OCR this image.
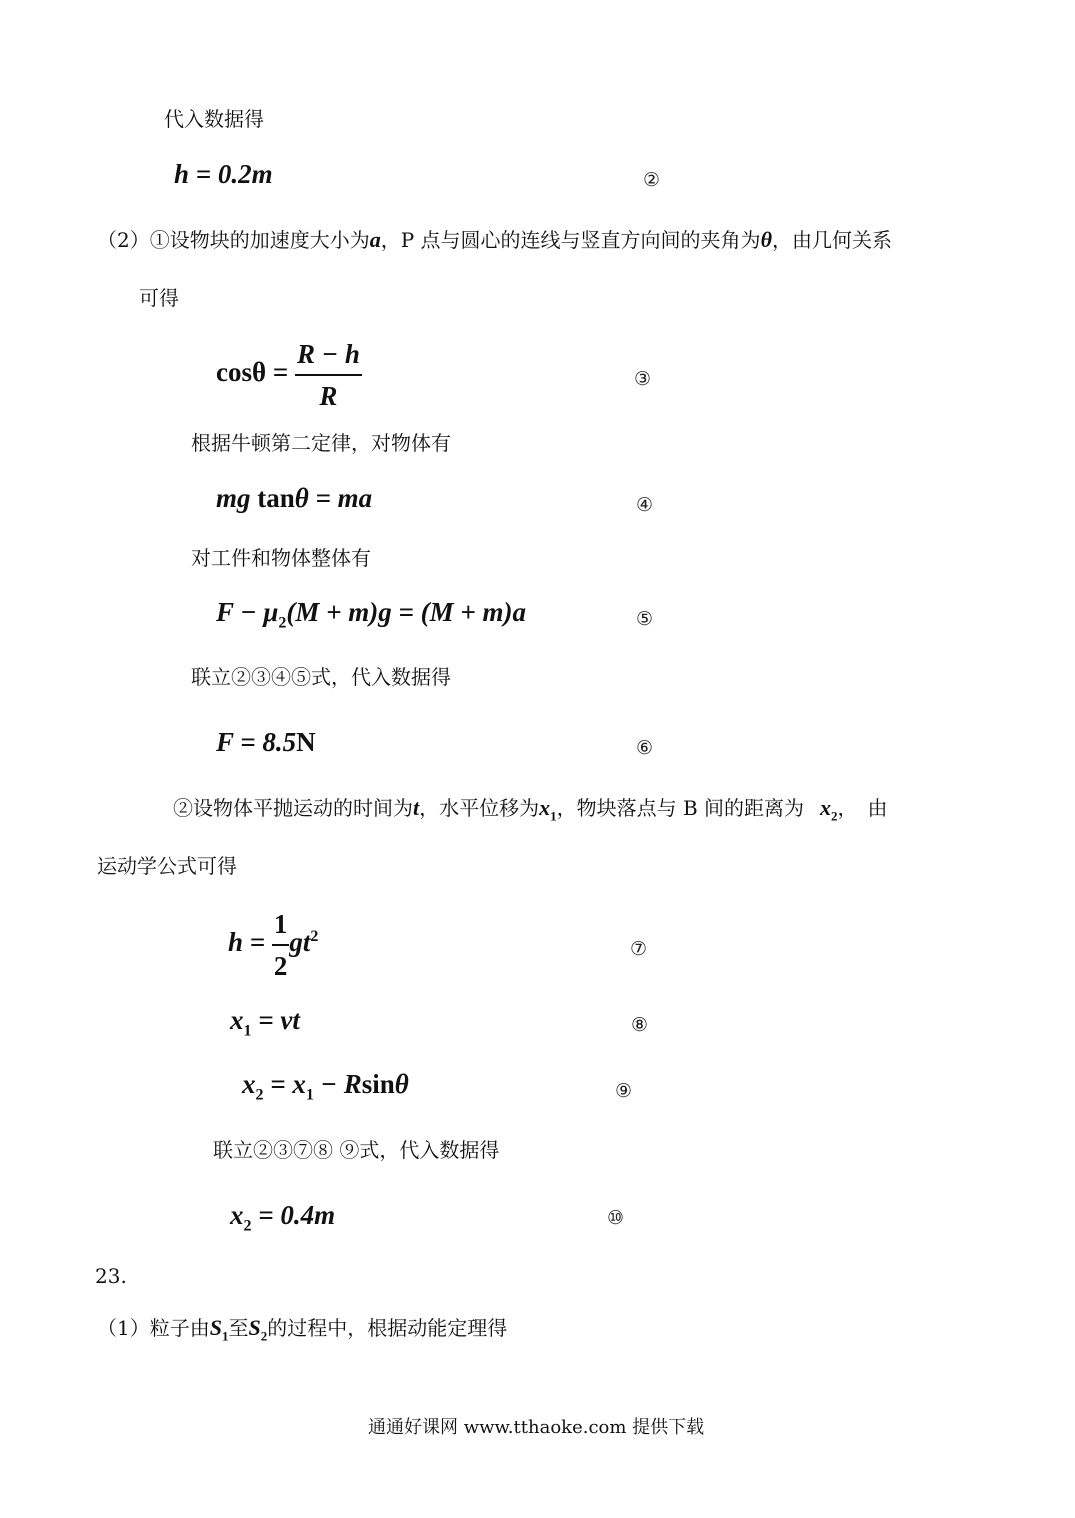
代入数据得
h = 0.2m	②
（2）①设物块的加速度大小为a，P 点与圆心的连线与竖直方向间的夹角为θ，由几何关系
可得
$\cos\theta = \frac{R - h}{R}$	③
根据牛顿第二定律，对物体有
mg tanθ = ma	④
对工件和物体整体有
$F - \mu_2(M + m)g = (M + m)a$	⑤
联立②③④⑤式，代入数据得
F = 8.5N	⑥
②设物体平抛运动的时间为t，水平位移为$x_1$，物块落点与 B 间的距离为 $x_2$，　由
运动学公式可得
$h = \frac{1}{2} gt^2$
⑦
$x_1$ = vt	⑧
$x_2 = x_1 - Rsin\theta$	⑨
联立②③⑦⑧ ⑨式，代入数据得
$x_2 = 0.4m$	⑩
23.
（1）粒子由$S_1$至$S_2$的过程中，根据动能定理得
通通好课网 www.tthaoke.com 提供下载
